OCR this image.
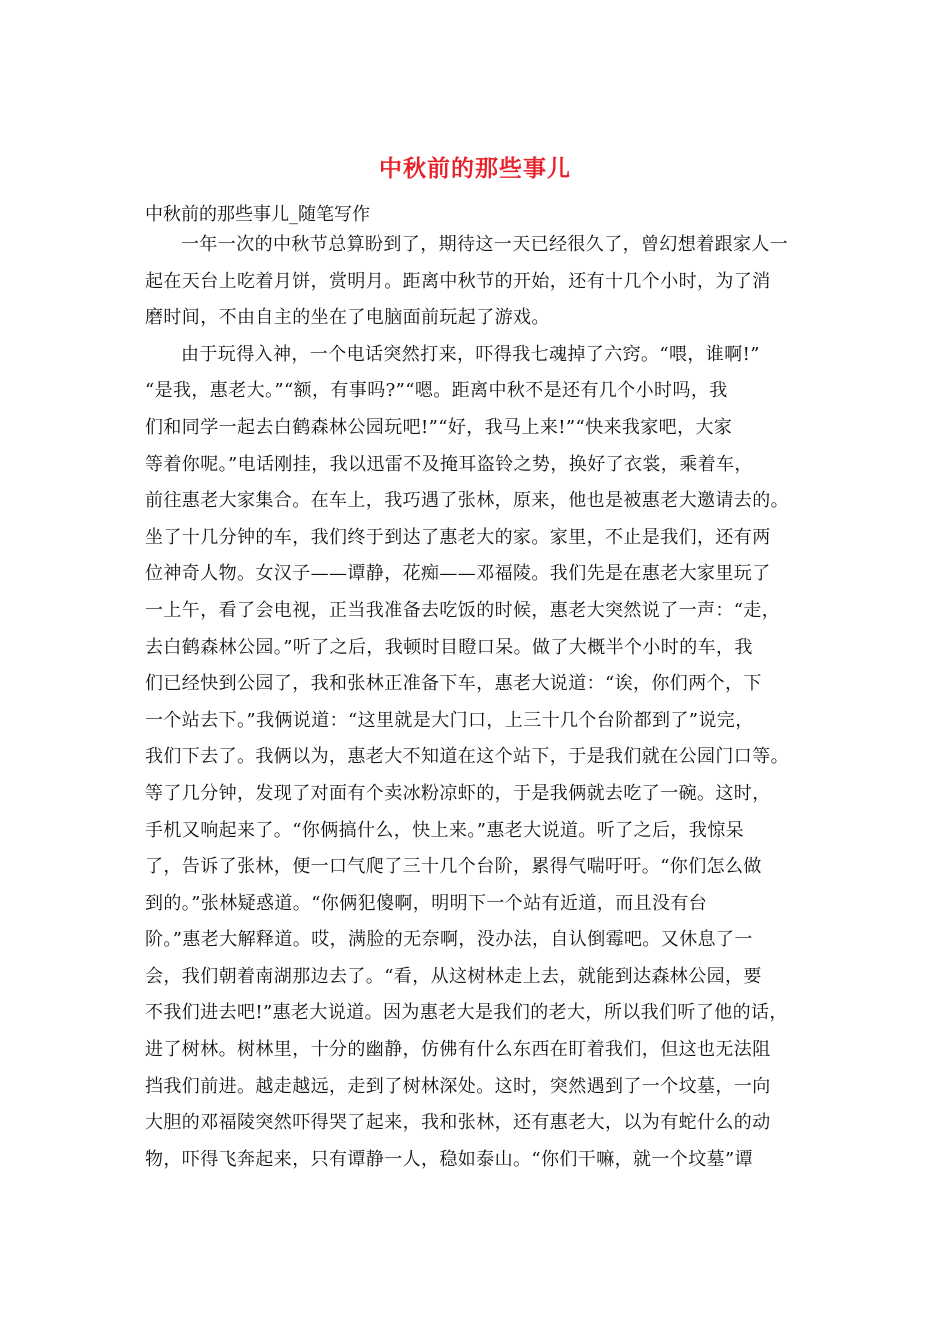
中秋前的那些事儿
中秋前的那些事儿_随笔写作
一年一次的中秋节总算盼到了，期待这一天已经很久了，曾幻想着跟家人一
起在天台上吃着月饼，赏明月。距离中秋节的开始，还有十几个小时，为了消
磨时间，不由自主的坐在了电脑面前玩起了游戏。
由于玩得入神，一个电话突然打来，吓得我七魂掉了六窍。“喂，谁啊!”
“是我，惠老大。”“额，有事吗?”“嗯。距离中秋不是还有几个小时吗，我
们和同学一起去白鹤森林公园玩吧!”“好，我马上来!”“快来我家吧，大家
等着你呢。”电话刚挂，我以迅雷不及掩耳盗铃之势，换好了衣裳，乘着车，
前往惠老大家集合。在车上，我巧遇了张林，原来，他也是被惠老大邀请去的。
坐了十几分钟的车，我们终于到达了惠老大的家。家里，不止是我们，还有两
位神奇人物。女汉子——谭静，花痴——邓福陵。我们先是在惠老大家里玩了
一上午，看了会电视，正当我准备去吃饭的时候，惠老大突然说了一声：“走，
去白鹤森林公园。”听了之后，我顿时目瞪口呆。做了大概半个小时的车，我
们已经快到公园了，我和张林正准备下车，惠老大说道：“诶，你们两个，下
一个站去下。”我俩说道：“这里就是大门口，上三十几个台阶都到了”说完，
我们下去了。我俩以为，惠老大不知道在这个站下，于是我们就在公园门口等。
等了几分钟，发现了对面有个卖冰粉凉虾的，于是我俩就去吃了一碗。这时，
手机又响起来了。“你俩搞什么，快上来。”惠老大说道。听了之后，我惊呆
了，告诉了张林，便一口气爬了三十几个台阶，累得气喘吁吁。“你们怎么做
到的。”张林疑惑道。“你俩犯傻啊，明明下一个站有近道，而且没有台
阶。”惠老大解释道。哎，满脸的无奈啊，没办法，自认倒霉吧。又休息了一
会，我们朝着南湖那边去了。“看，从这树林走上去，就能到达森林公园，要
不我们进去吧!”惠老大说道。因为惠老大是我们的老大，所以我们听了他的话，
进了树林。树林里，十分的幽静，仿佛有什么东西在盯着我们，但这也无法阻
挡我们前进。越走越远，走到了树林深处。这时，突然遇到了一个坟墓，一向
大胆的邓福陵突然吓得哭了起来，我和张林，还有惠老大，以为有蛇什么的动
物，吓得飞奔起来，只有谭静一人，稳如泰山。“你们干嘛，就一个坟墓”谭
